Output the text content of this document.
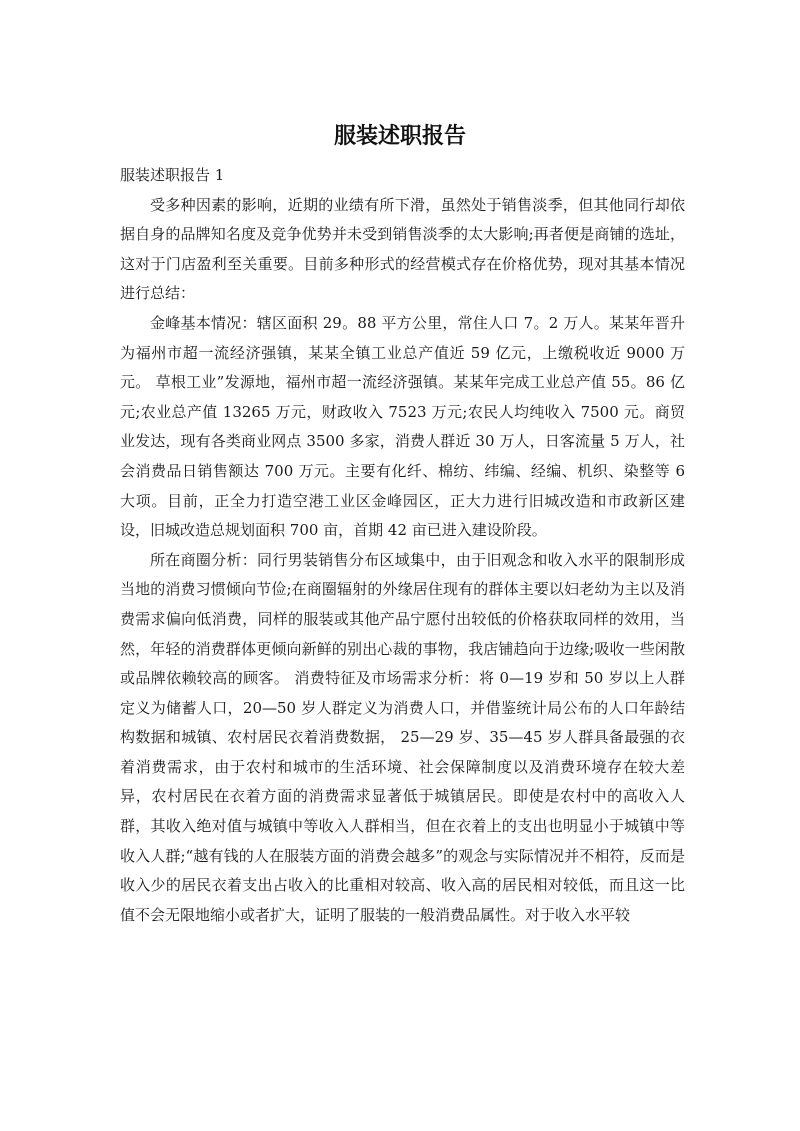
服装述职报告

服装述职报告 1

受多种因素的影响，近期的业绩有所下滑，虽然处于销售淡季，但其他同行却依据自身的品牌知名度及竞争优势并未受到销售淡季的太大影响;再者便是商铺的选址，这对于门店盈利至关重要。目前多种形式的经营模式存在价格优势，现对其基本情况进行总结：

金峰基本情况：辖区面积 29。88 平方公里，常住人口 7。2 万人。某某年晋升为福州市超一流经济强镇，某某全镇工业总产值近 59 亿元，上缴税收近 9000 万元。 草根工业”发源地，福州市超一流经济强镇。某某年完成工业总产值 55。86 亿元;农业总产值 13265 万元，财政收入 7523 万元;农民人均纯收入 7500 元。商贸业发达，现有各类商业网点 3500 多家，消费人群近 30 万人，日客流量 5 万人，社会消费品日销售额达 700 万元。主要有化纤、棉纺、纬编、经编、机织、染整等 6 大项。目前，正全力打造空港工业区金峰园区，正大力进行旧城改造和市政新区建设，旧城改造总规划面积 700 亩，首期 42 亩已进入建设阶段。

所在商圈分析：同行男装销售分布区域集中，由于旧观念和收入水平的限制形成当地的消费习惯倾向节俭;在商圈辐射的外缘居住现有的群体主要以妇老幼为主以及消费需求偏向低消费，同样的服装或其他产品宁愿付出较低的价格获取同样的效用，当然，年轻的消费群体更倾向新鲜的别出心裁的事物，我店铺趋向于边缘;吸收一些闲散或品牌依赖较高的顾客。 消费特征及市场需求分析：将 0—19 岁和 50 岁以上人群定义为储蓄人口，20—50 岁人群定义为消费人口，并借鉴统计局公布的人口年龄结构数据和城镇、农村居民衣着消费数据， 25—29 岁、35—45 岁人群具备最强的衣着消费需求，由于农村和城市的生活环境、社会保障制度以及消费环境存在较大差异，农村居民在衣着方面的消费需求显著低于城镇居民。即使是农村中的高收入人群，其收入绝对值与城镇中等收入人群相当，但在衣着上的支出也明显小于城镇中等收入人群;“越有钱的人在服装方面的消费会越多”的观念与实际情况并不相符，反而是收入少的居民衣着支出占收入的比重相对较高、收入高的居民相对较低，而且这一比值不会无限地缩小或者扩大，证明了服装的一般消费品属性。对于收入水平较
